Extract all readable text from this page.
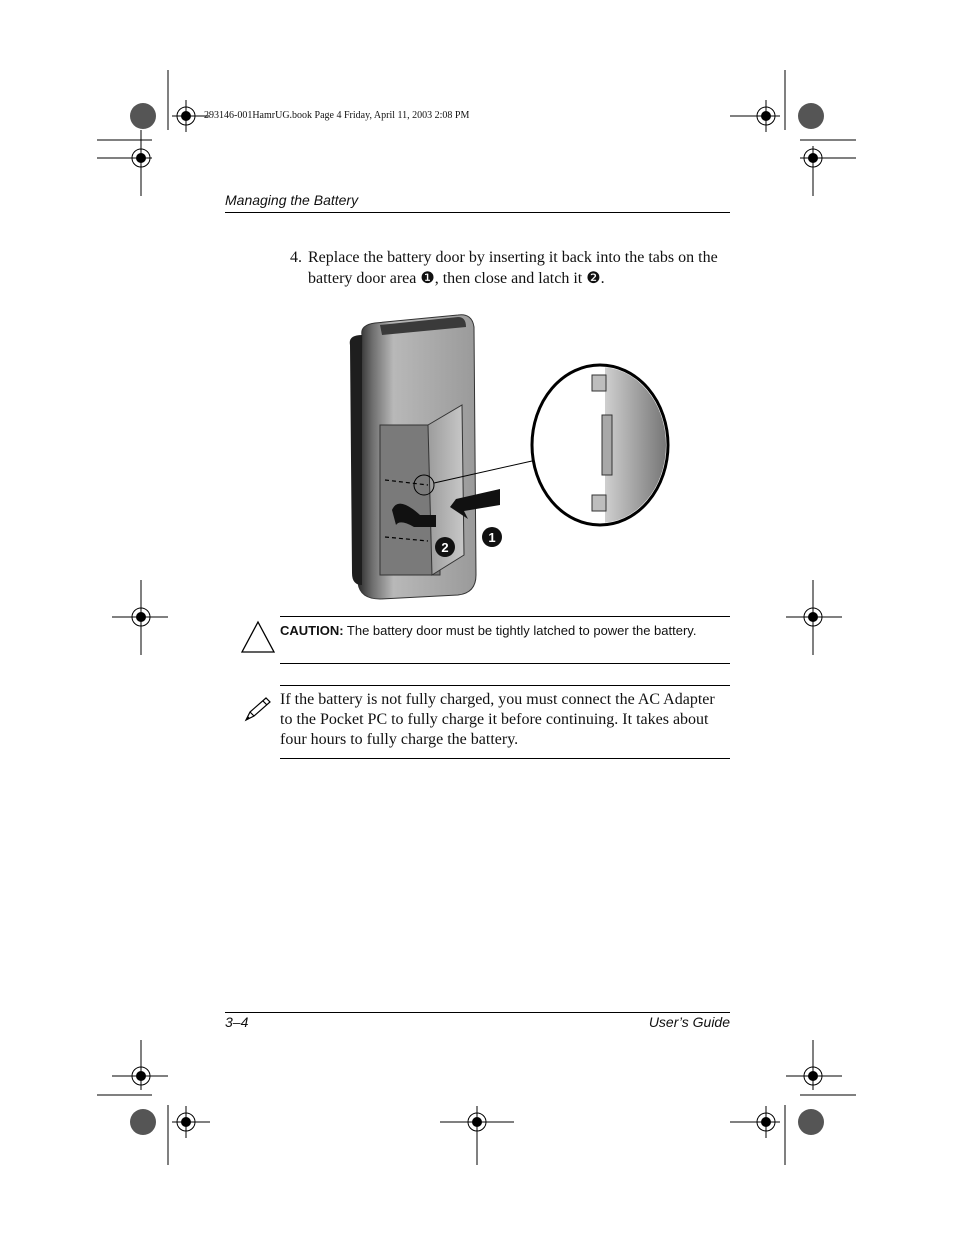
293146-001HamrUG.book Page 4 Friday, April 11, 2003 2:08 PM
Managing the Battery
4. Replace the battery door by inserting it back into the tabs on the battery door area ❶, then close and latch it ❷.
1
2
CAUTION: The battery door must be tightly latched to power the battery.
If the battery is not fully charged, you must connect the AC Adapter to the Pocket PC to fully charge it before continuing. It takes about four hours to fully charge the battery.
3–4	User’s Guide
